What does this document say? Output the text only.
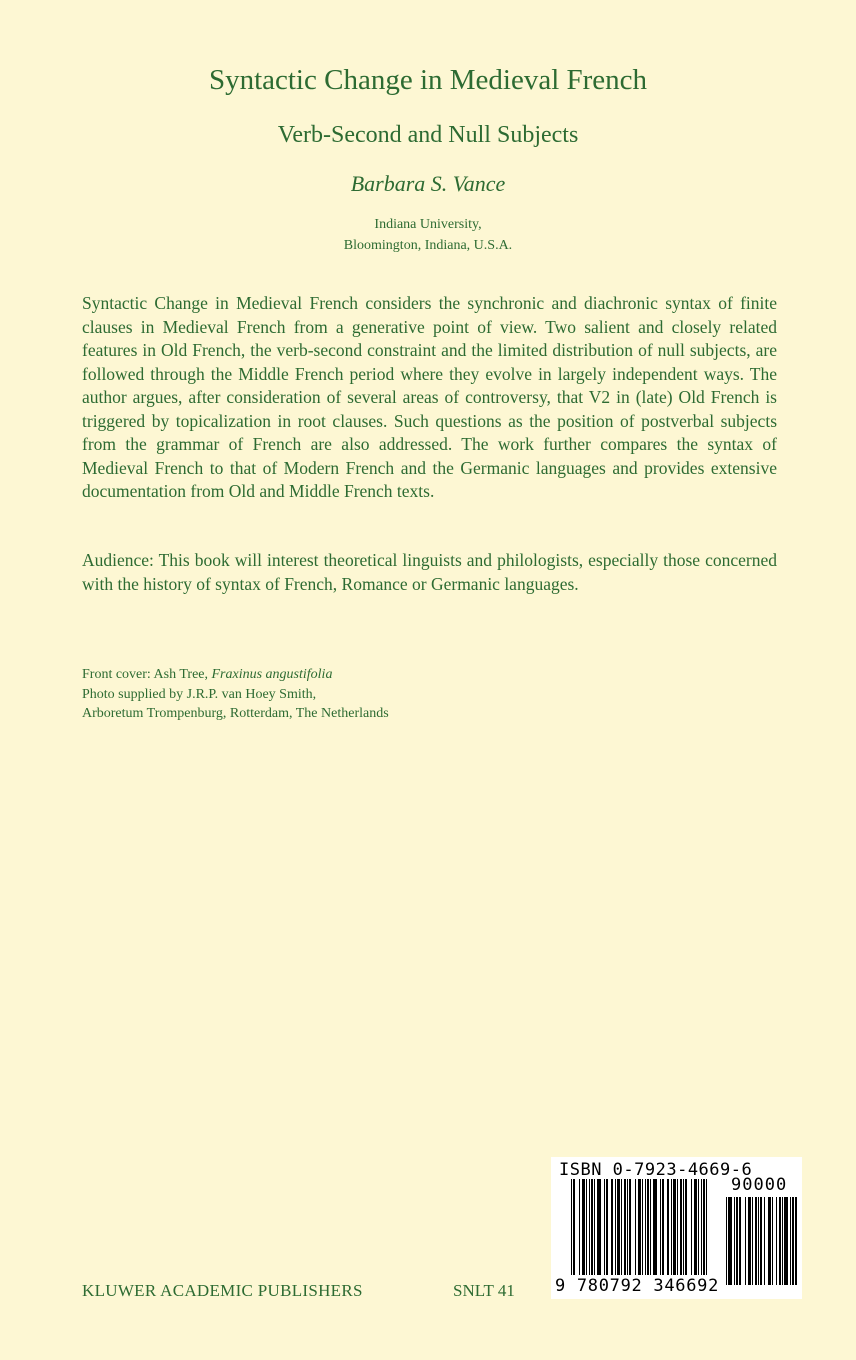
Syntactic Change in Medieval French
Verb-Second and Null Subjects
Barbara S. Vance
Indiana University,
Bloomington, Indiana, U.S.A.

Syntactic Change in Medieval French considers the synchronic and diachronic syntax of finite clauses in Medieval French from a generative point of view. Two salient and closely related features in Old French, the verb-second constraint and the limited distribution of null subjects, are followed through the Middle French period where they evolve in largely independent ways. The author argues, after consideration of several areas of controversy, that V2 in (late) Old French is triggered by topicalization in root clauses. Such questions as the position of postverbal subjects from the grammar of French are also addressed. The work further compares the syntax of Medieval French to that of Modern French and the Germanic languages and provides extensive documentation from Old and Middle French texts.

Audience: This book will interest theoretical linguists and philologists, especially those concerned with the history of syntax of French, Romance or Germanic languages.

Front cover: Ash Tree, Fraxinus angustifolia
Photo supplied by J.R.P. van Hoey Smith,
Arboretum Trompenburg, Rotterdam, The Netherlands
KLUWER ACADEMIC PUBLISHERS	SNLT 41
ISBN 0-7923-4669-6
90000
9 780792 346692
